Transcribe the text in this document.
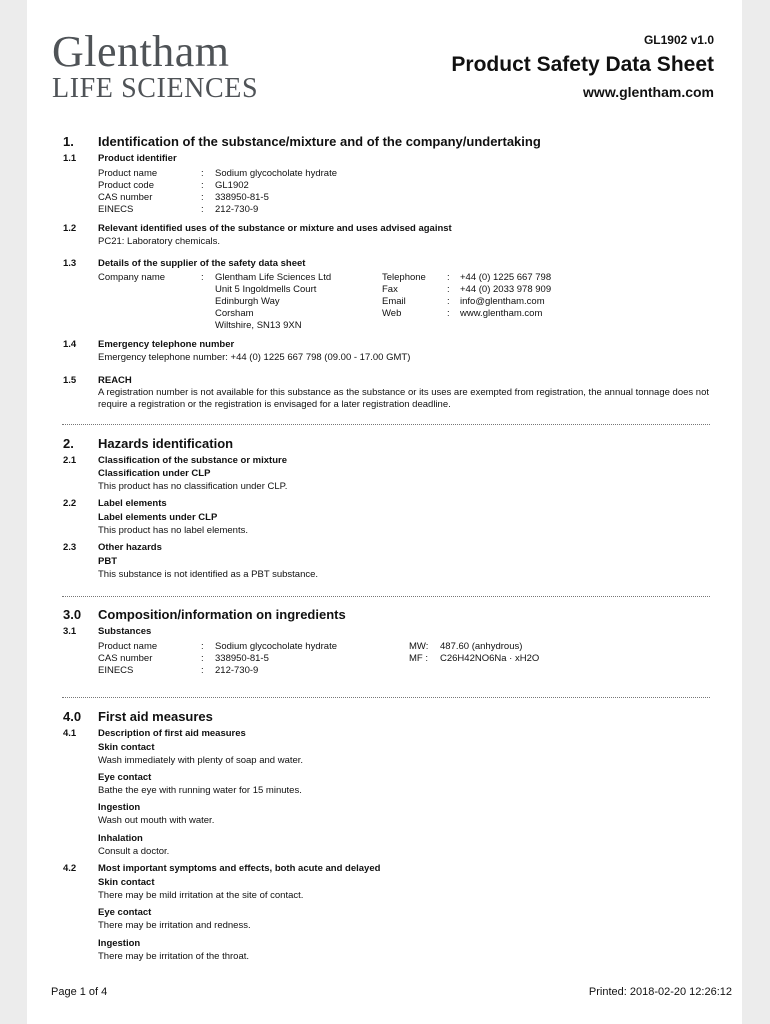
Glentham
LIFE SCIENCES
GL1902 v1.0
Product Safety Data Sheet
www.glentham.com
1. Identification of the substance/mixture and of the company/undertaking
1.1 Product identifier
Product name	: Sodium glycocholate hydrate
Product code	: GL1902
CAS number	: 338950-81-5
EINECS	: 212-730-9
1.2 Relevant identified uses of the substance or mixture and uses advised against
PC21: Laboratory chemicals.
1.3 Details of the supplier of the safety data sheet
Company name	: Glentham Life Sciences Ltd
Unit 5 Ingoldmells Court
Edinburgh Way
Corsham
Wiltshire, SN13 9XN
Telephone : +44 (0) 1225 667 798
Fax	: +44 (0) 2033 978 909
Email	: info@glentham.com
Web	: www.glentham.com
1.4 Emergency telephone number
Emergency telephone number: +44 (0) 1225 667 798 (09.00 - 17.00 GMT)
1.5 REACH
A registration number is not available for this substance as the substance or its uses are exempted from registration, the annual tonnage does not require a registration or the registration is envisaged for a later registration deadline.
2. Hazards identification
2.1 Classification of the substance or mixture
Classification under CLP
This product has no classification under CLP.
2.2 Label elements
Label elements under CLP
This product has no label elements.
2.3 Other hazards
PBT
This substance is not identified as a PBT substance.
3.0 Composition/information on ingredients
3.1 Substances
Product name	: Sodium glycocholate hydrate
CAS number	: 338950-81-5
EINECS	: 212-730-9
MW: 487.60 (anhydrous)
MF : C26H42NO6Na · xH2O
4.0 First aid measures
4.1 Description of first aid measures
Skin contact
Wash immediately with plenty of soap and water.
Eye contact
Bathe the eye with running water for 15 minutes.
Ingestion
Wash out mouth with water.
Inhalation
Consult a doctor.
4.2 Most important symptoms and effects, both acute and delayed
Skin contact
There may be mild irritation at the site of contact.
Eye contact
There may be irritation and redness.
Ingestion
There may be irritation of the throat.
Page 1 of 4	Printed: 2018-02-20 12:26:12
